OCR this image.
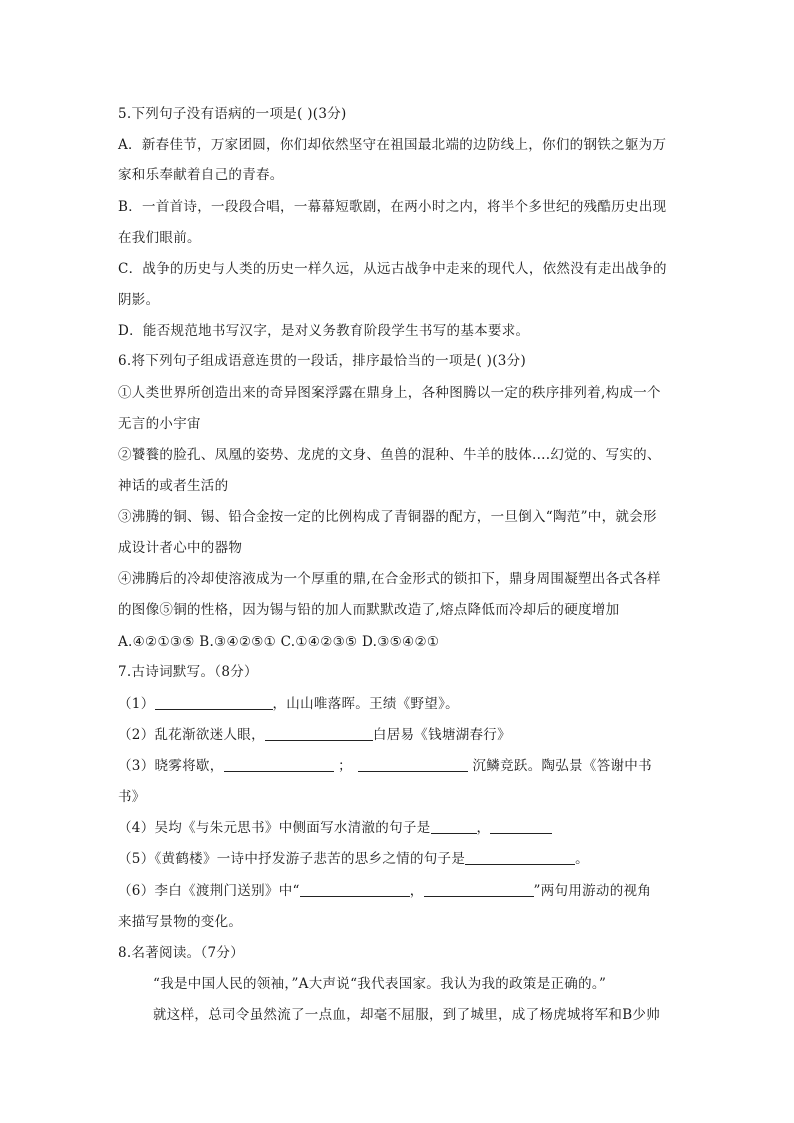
5.下列句子没有语病的一项是( )(3分)
A．新春佳节，万家团圆，你们却依然坚守在祖国最北端的边防线上，你们的钢铁之躯为万
家和乐奉献着自己的青春。
B．一首首诗，一段段合唱，一幕幕短歌剧，在两小时之内，将半个多世纪的残酷历史出现
在我们眼前。
C．战争的历史与人类的历史一样久远，从远古战争中走来的现代人，依然没有走出战争的
阴影。
D．能否规范地书写汉字，是对义务教育阶段学生书写的基本要求。
6.将下列句子组成语意连贯的一段话，排序最恰当的一项是( )(3分)
①人类世界所创造出来的奇异图案浮露在鼎身上，各种图腾以一定的秩序排列着,构成一个
无言的小宇宙
②饕餮的脸孔、凤凰的姿势、龙虎的文身、鱼兽的混种、牛羊的肢体....幻觉的、写实的、
神话的或者生活的
③沸腾的铜、锡、铅合金按一定的比例构成了青铜器的配方，一旦倒入“陶范”中，就会形
成设计者心中的器物
④沸腾后的冷却使溶液成为一个厚重的鼎,在合金形式的锁扣下，鼎身周围凝塑出各式各样
的图像⑤铜的性格，因为锡与铅的加人而默默改造了,熔点降低而冷却后的硬度增加
A.④②①③⑤ B.③④②⑤① C.①④②③⑤ D.③⑤④②①
7.古诗词默写。（8分）
（1）	，山山唯落晖。王绩《野望》。
（2）乱花渐欲迷人眼，	白居易《钱塘湖春行》
（3）晓雾将歇，	；	沉鳞竞跃。陶弘景《答谢中书
书》
（4）吴均《与朱元思书》中侧面写水清澈的句子是	，
（5）《黄鹤楼》一诗中抒发游子悲苦的思乡之情的句子是	。
（6）李白《渡荆门送别》中“	，	”两句用游动的视角
来描写景物的变化。
8.名著阅读。（7分）
“我是中国人民的领袖，”A大声说“我代表国家。我认为我的政策是正确的。”
就这样，总司令虽然流了一点血，却毫不屈服，到了城里，成了杨虎城将军和B少帅
